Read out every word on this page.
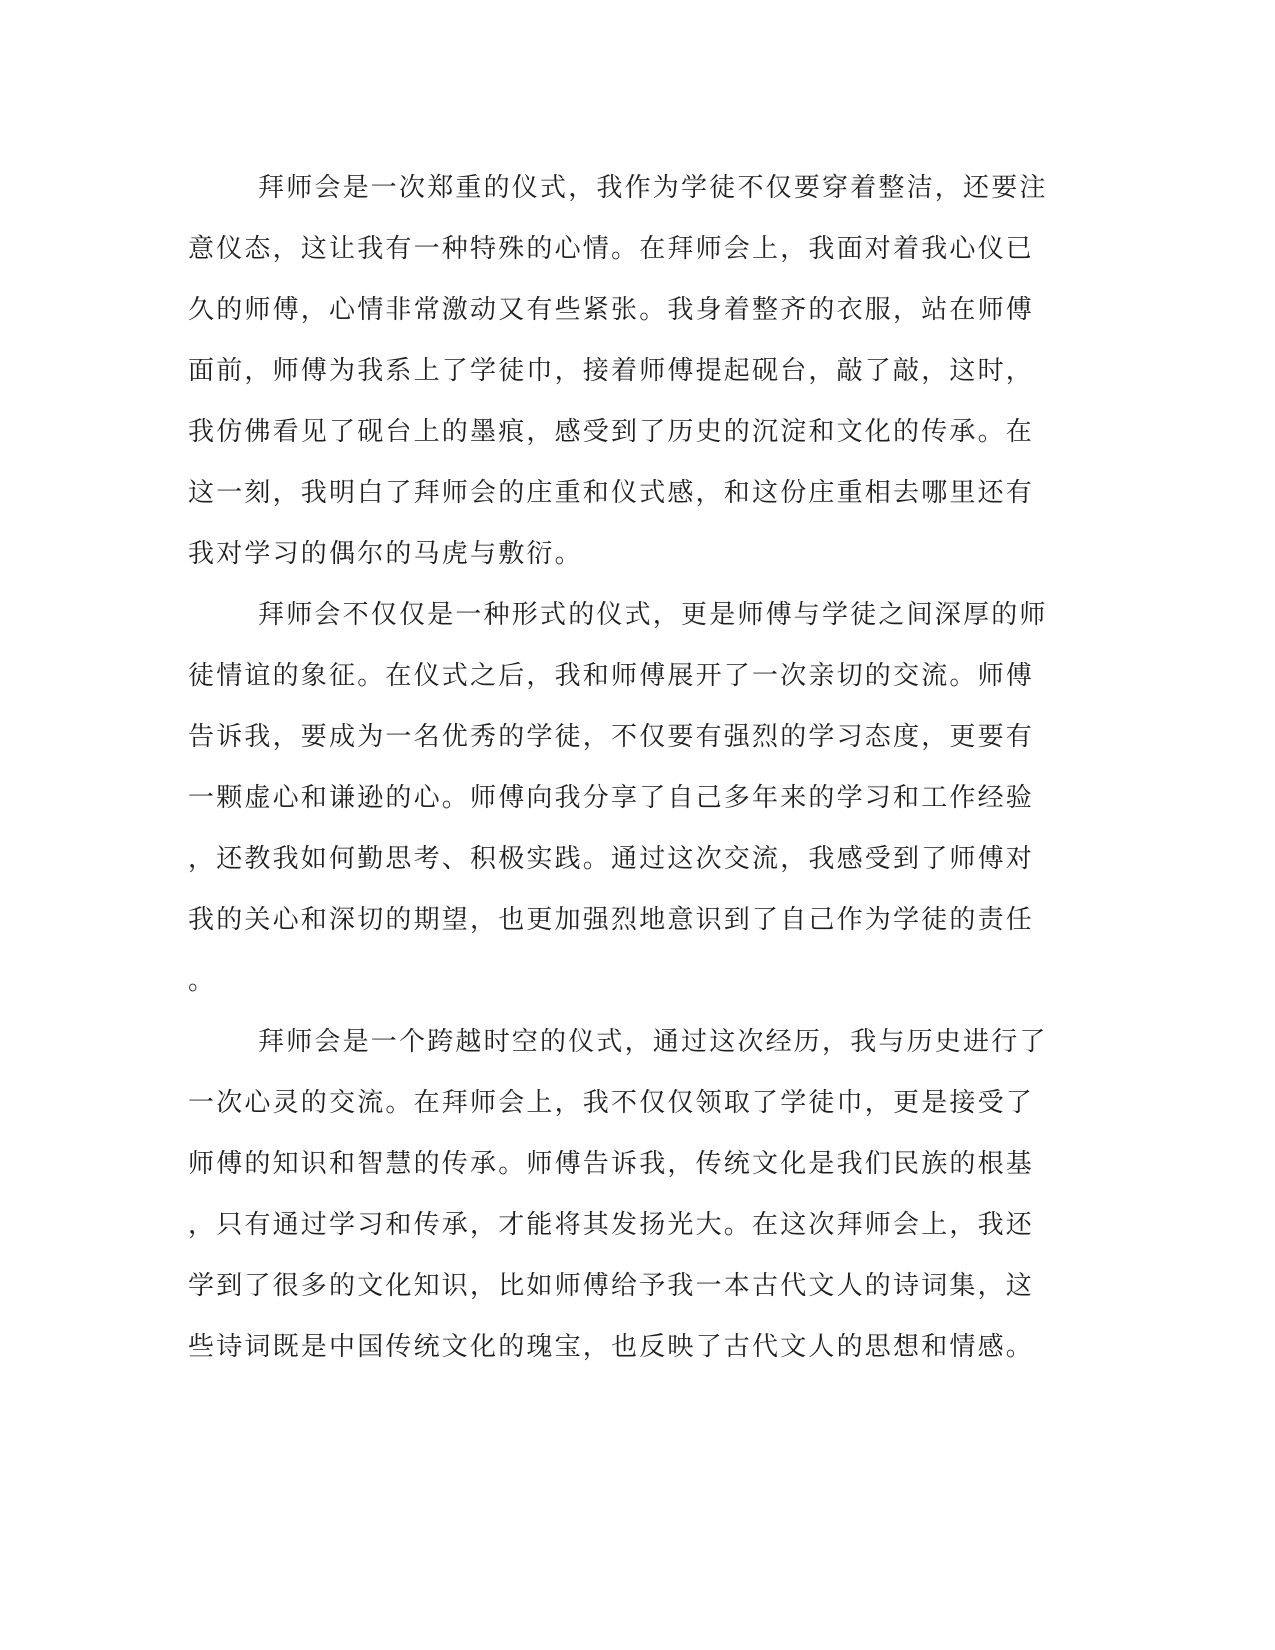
拜师会是一次郑重的仪式，我作为学徒不仅要穿着整洁，还要注
意仪态，这让我有一种特殊的心情。在拜师会上，我面对着我心仪已
久的师傅，心情非常激动又有些紧张。我身着整齐的衣服，站在师傅
面前，师傅为我系上了学徒巾，接着师傅提起砚台，敲了敲，这时，
我仿佛看见了砚台上的墨痕，感受到了历史的沉淀和文化的传承。在
这一刻，我明白了拜师会的庄重和仪式感，和这份庄重相去哪里还有
我对学习的偶尔的马虎与敷衍。
拜师会不仅仅是一种形式的仪式，更是师傅与学徒之间深厚的师
徒情谊的象征。在仪式之后，我和师傅展开了一次亲切的交流。师傅
告诉我，要成为一名优秀的学徒，不仅要有强烈的学习态度，更要有
一颗虚心和谦逊的心。师傅向我分享了自己多年来的学习和工作经验
，还教我如何勤思考、积极实践。通过这次交流，我感受到了师傅对
我的关心和深切的期望，也更加强烈地意识到了自己作为学徒的责任
。
拜师会是一个跨越时空的仪式，通过这次经历，我与历史进行了
一次心灵的交流。在拜师会上，我不仅仅领取了学徒巾，更是接受了
师傅的知识和智慧的传承。师傅告诉我，传统文化是我们民族的根基
，只有通过学习和传承，才能将其发扬光大。在这次拜师会上，我还
学到了很多的文化知识，比如师傅给予我一本古代文人的诗词集，这
些诗词既是中国传统文化的瑰宝，也反映了古代文人的思想和情感。
